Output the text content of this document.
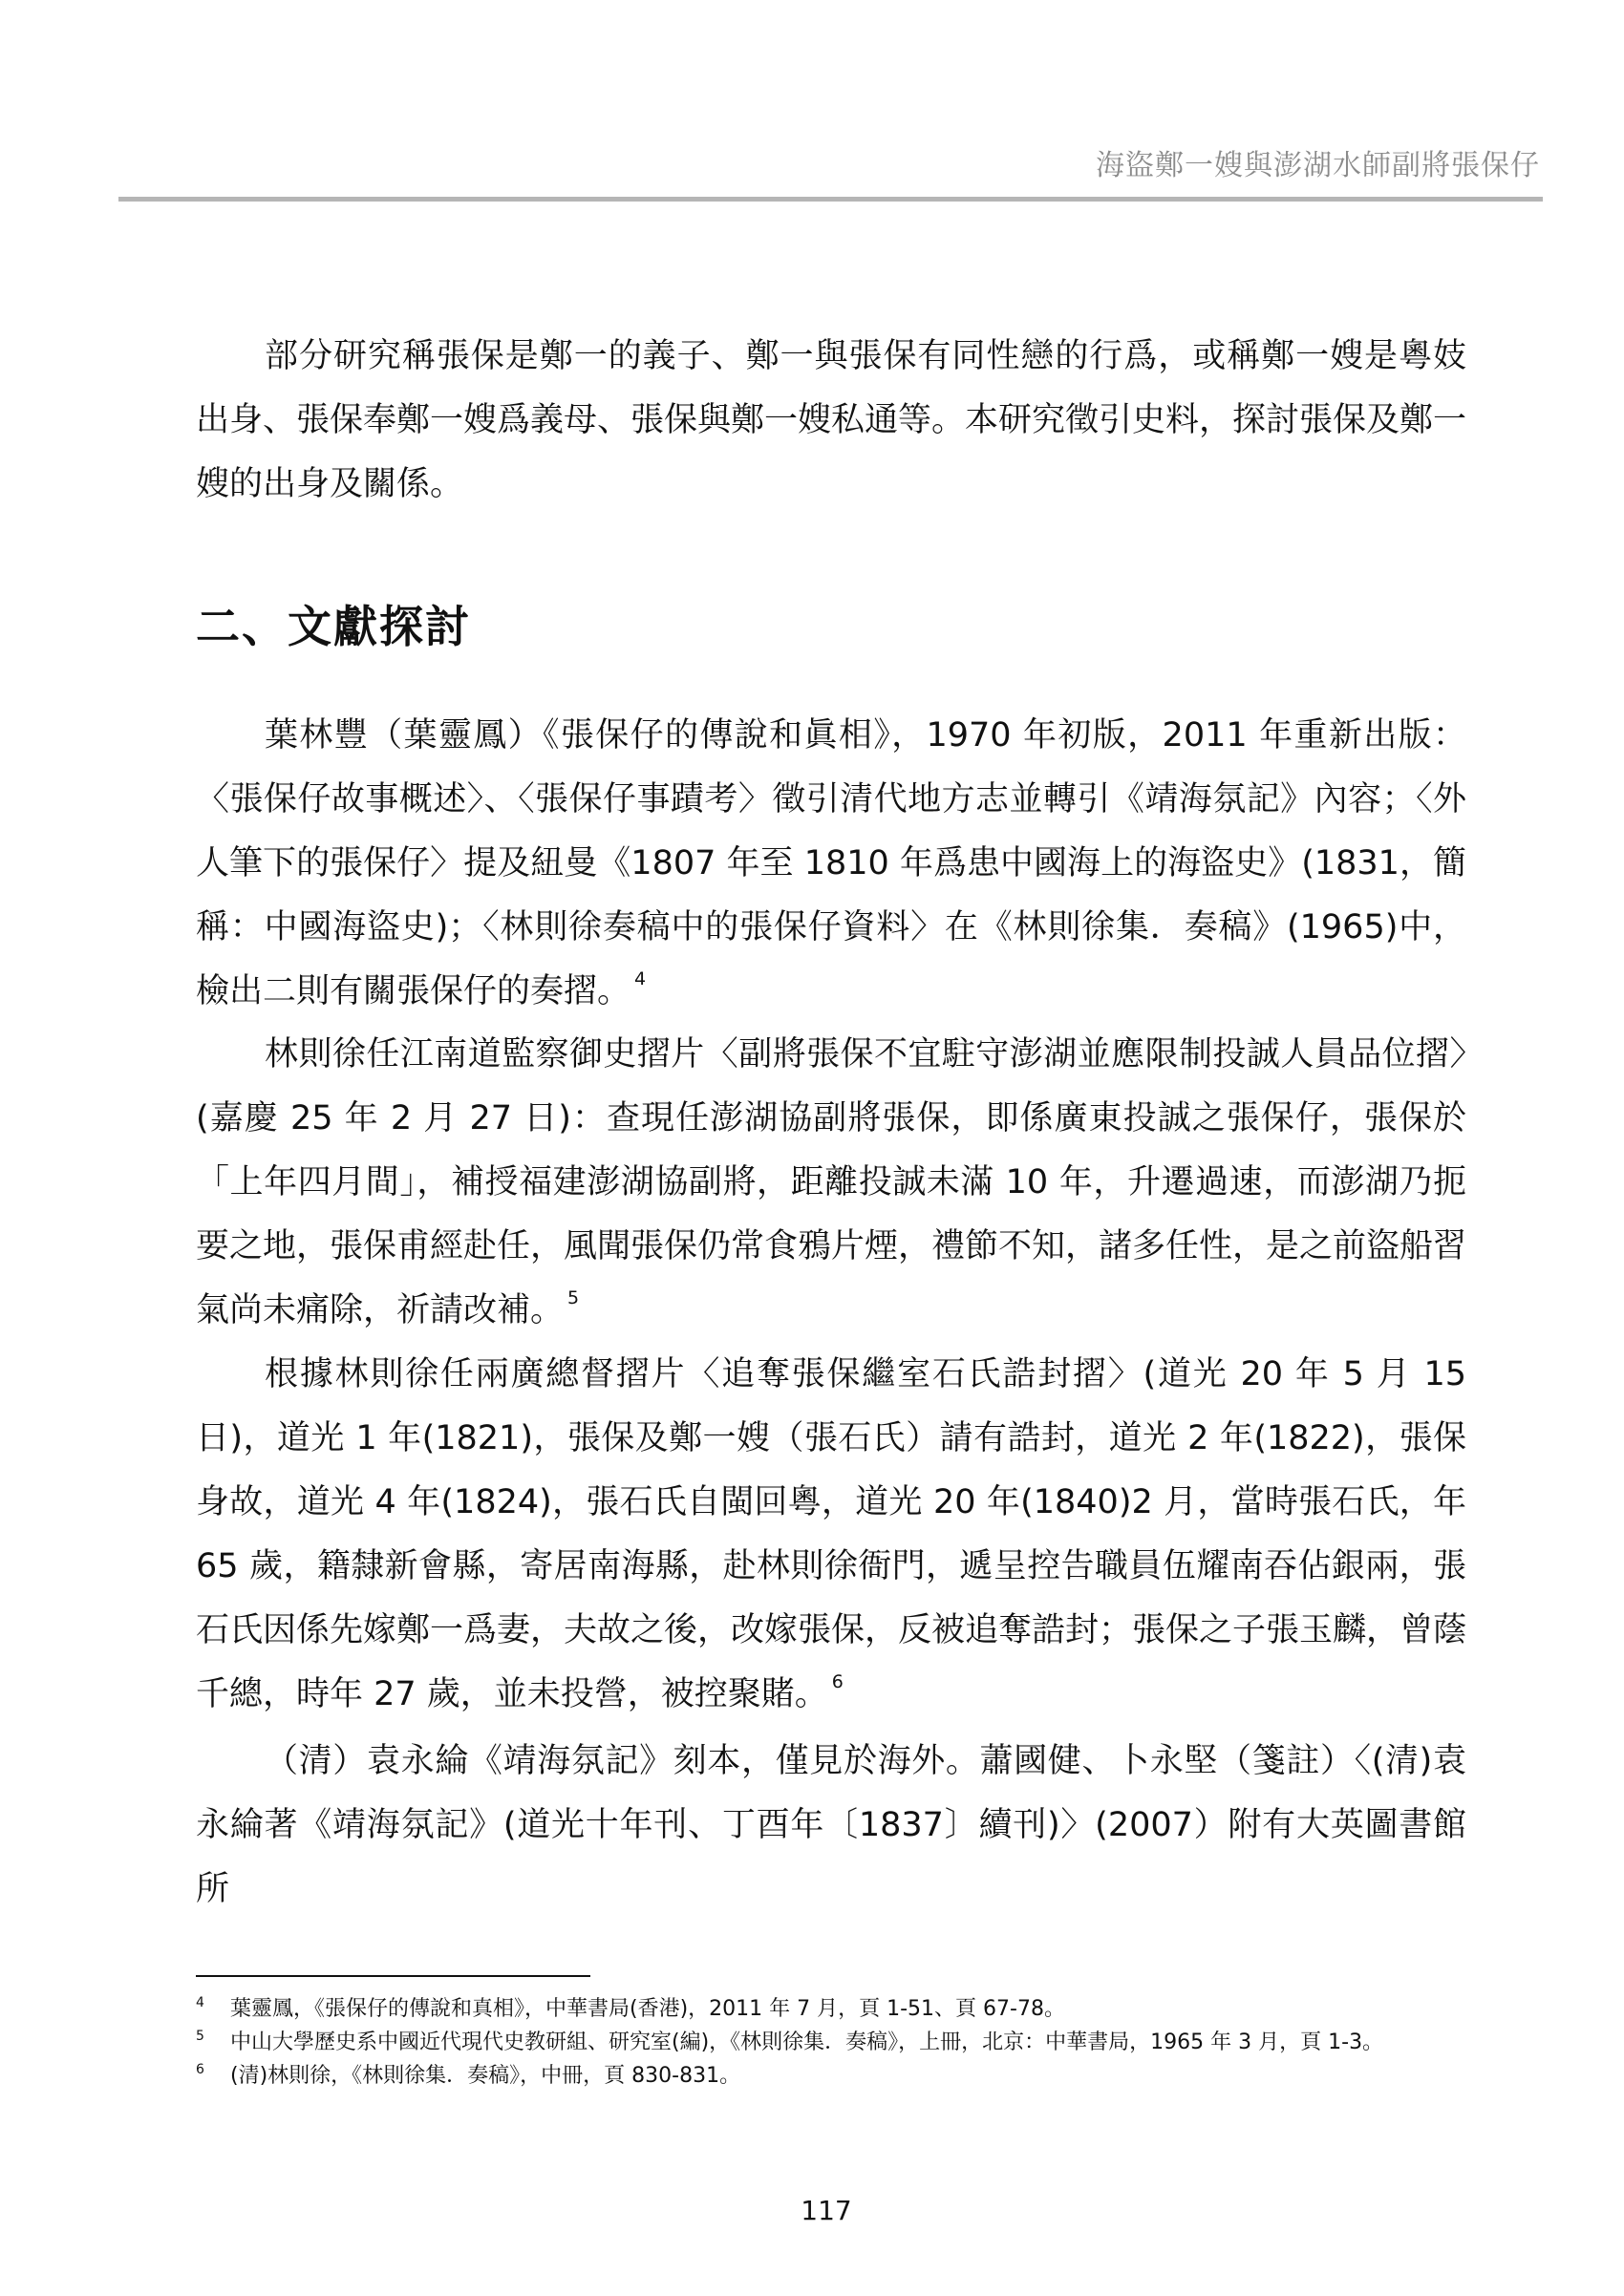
海盜鄭一嫂與澎湖水師副將張保仔

部分研究稱張保是鄭一的義子、鄭一與張保有同性戀的行爲，或稱鄭一嫂是粵妓出身、張保奉鄭一嫂爲義母、張保與鄭一嫂私通等。本研究徵引史料，探討張保及鄭一嫂的出身及關係。

二、文獻探討

葉林豐（葉靈鳳）《張保仔的傳說和眞相》，1970 年初版，2011 年重新出版：〈張保仔故事概述〉、〈張保仔事蹟考〉徵引清代地方志並轉引《靖海氛記》內容；〈外人筆下的張保仔〉提及紐曼《1807 年至 1810 年爲患中國海上的海盜史》(1831，簡稱：中國海盜史)；〈林則徐奏稿中的張保仔資料〉在《林則徐集．奏稿》(1965)中，檢出二則有關張保仔的奏摺。 $^4$

林則徐任江南道監察御史摺片〈副將張保不宜駐守澎湖並應限制投誠人員品位摺〉(嘉慶 25 年 2 月 27 日)：查現任澎湖協副將張保，即係廣東投誠之張保仔，張保於「上年四月間」，補授福建澎湖協副將，距離投誠未滿 10 年，升遷過速，而澎湖乃扼要之地，張保甫經赴任，風聞張保仍常食鴉片煙，禮節不知，諸多任性，是之前盜船習氣尚未痛除，祈請改補。 $^5$

根據林則徐任兩廣總督摺片〈追奪張保繼室石氏誥封摺〉(道光 20 年 5 月 15 日)，道光 1 年(1821)，張保及鄭一嫂（張石氏）請有誥封，道光 2 年(1822)，張保身故，道光 4 年(1824)，張石氏自閩回粵，道光 20 年(1840)2 月，當時張石氏，年 65 歲，籍隸新會縣，寄居南海縣，赴林則徐衙門，遞呈控告職員伍耀南吞佔銀兩，張石氏因係先嫁鄭一爲妻，夫故之後，改嫁張保，反被追奪誥封；張保之子張玉麟，曾蔭千總，時年 27 歲，並未投營，被控聚賭。 $^6$

（清）袁永綸《靖海氛記》刻本，僅見於海外。蕭國健、卜永堅（箋註）〈(清)袁永綸著《靖海氛記》(道光十年刊、丁酉年〔1837〕續刊)〉(2007）附有大英圖書館所

4 葉靈鳳，《張保仔的傳說和真相》，中華書局(香港)，2011 年 7 月，頁 1-51、頁 67-78。
5 中山大學歷史系中國近代現代史教研組、研究室(編)，《林則徐集．奏稿》，上冊，北京：中華書局，1965 年 3 月，頁 1-3。
6 (清)林則徐，《林則徐集．奏稿》，中冊，頁 830-831。
117
